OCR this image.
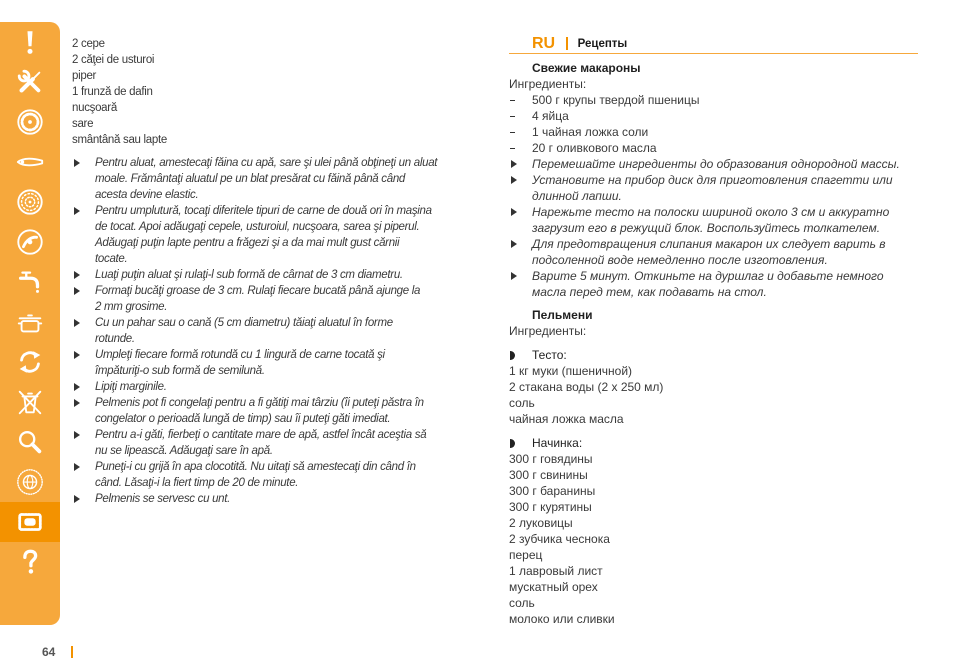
64
2 cepe
2 căţei de usturoi
piper
1 frunză de dafin
nucşoară
sare
smântână sau lapte
Pentru aluat, amestecaţi făina cu apă, sare şi ulei până obţineţi un aluat
moale. Frământaţi aluatul pe un blat presărat cu făină până când
acesta devine elastic.
Pentru umplutură, tocaţi diferitele tipuri de carne de două ori în maşina
de tocat. Apoi adăugaţi cepele, usturoiul, nucşoara, sarea şi piperul.
Adăugaţi puţin lapte pentru a frăgezi şi a da mai mult gust cărnii
tocate.
Luaţi puţin aluat şi rulaţi-l sub formă de cârnat de 3 cm diametru.
Formaţi bucăţi groase de 3 cm. Rulaţi fiecare bucată până ajunge la
2 mm grosime.
Cu un pahar sau o cană (5 cm diametru) tăiaţi aluatul în forme
rotunde.
Umpleţi fiecare formă rotundă cu 1 lingură de carne tocată şi
împăturiţi-o sub formă de semilună.
Lipiţi marginile.
Pelmenis pot fi congelaţi pentru a fi gătiţi mai târziu (îi puteţi păstra în
congelator o perioadă lungă de timp) sau îi puteţi găti imediat.
Pentru a-i găti, fierbeţi o cantitate mare de apă, astfel încât aceştia să
nu se lipească. Adăugaţi sare în apă.
Puneţi-i cu grijă în apa clocotită. Nu uitaţi să amestecaţi din când în
când. Lăsaţi-i la fiert timp de 20 de minute.
Pelmenis se servesc cu unt.
RU Рецепты
Свежие макароны
Ингредиенты:
500 г крупы твердой пшеницы
4 яйца
1 чайная ложка соли
20 г оливкового масла
Перемешайте ингредиенты до образования однородной массы.
Установите на прибор диск для приготовления спагетти или
длинной лапши.
Нарежьте тесто на полоски шириной около 3 см и аккуратно
загрузит его в режущий блок. Воспользуйтесь толкателем.
Для предотвращения слипания макарон их следует варить в
подсоленной воде немедленно после изготовления.
Варите 5 минут. Откиньте на дуршлаг и добавьте немного
масла перед тем, как подавать на стол.
Пельмени
Ингредиенты:
Тесто:
1 кг муки (пшеничной)
2 стакана воды (2 x 250 мл)
соль
чайная ложка масла
Начинка:
300 г говядины
300 г свинины
300 г баранины
300 г курятины
2 луковицы
2 зубчика чеснока
перец
1 лавровый лист
мускатный орех
соль
молоко или сливки
